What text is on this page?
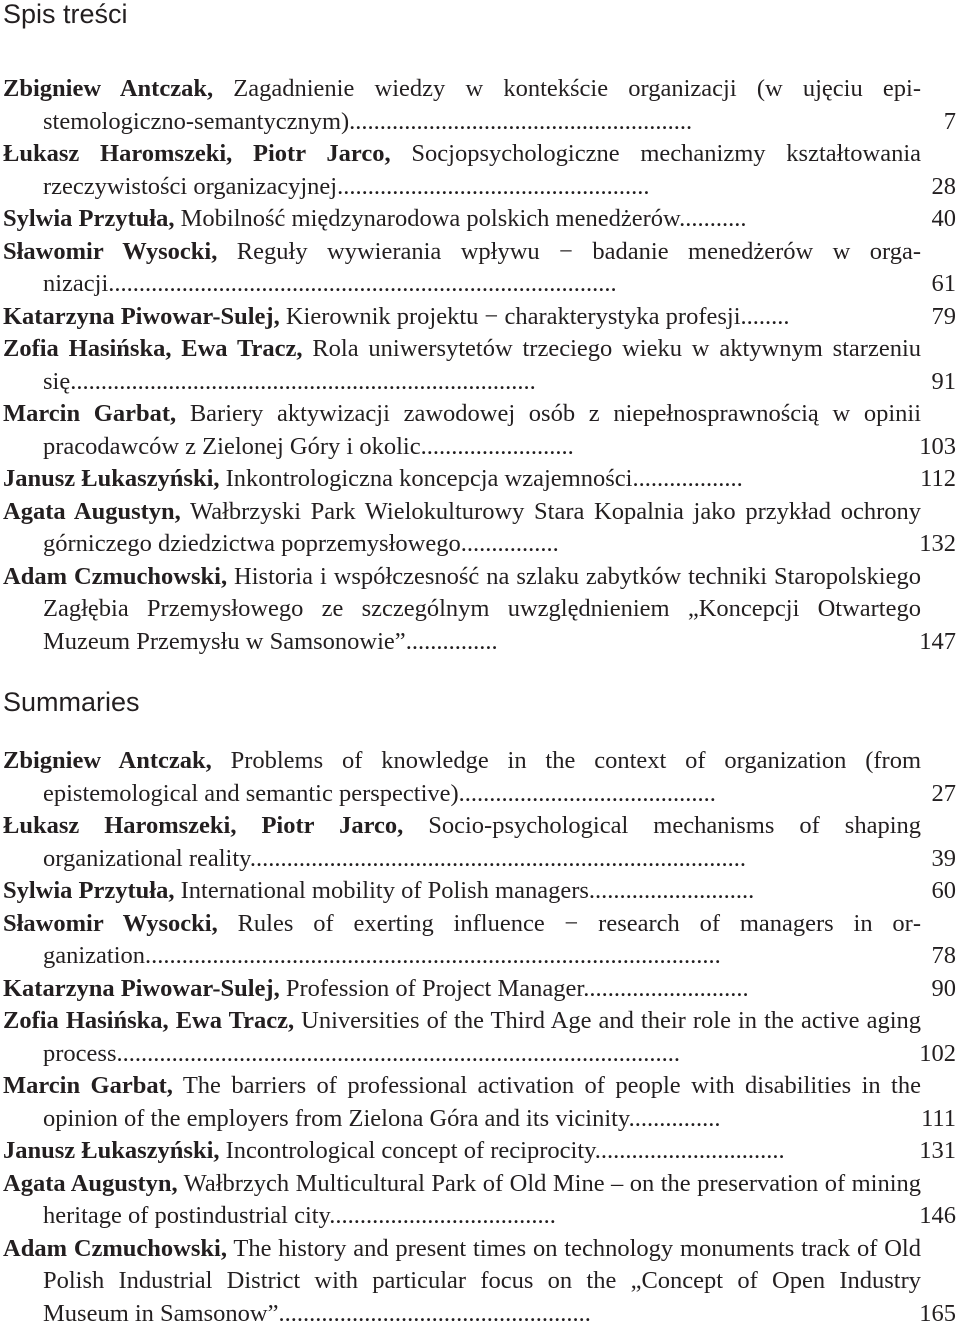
Spis treści
Zbigniew Antczak, Zagadnienie wiedzy w kontekście organizacji (w ujęciu epistemologiczno-semantycznym)........................................................	7
Łukasz Haromszeki, Piotr Jarco, Socjopsychologiczne mechanizmy kształtowania rzeczywistości organizacyjnej...................................................	28
Sylwia Przytuła, Mobilność międzynarodowa polskich menedżerów...........	40
Sławomir Wysocki, Reguły wywierania wpływu − badanie menedżerów w organizacji...................................................................................	61
Katarzyna Piwowar-Sulej, Kierownik projektu − charakterystyka profesji........	79
Zofia Hasińska, Ewa Tracz, Rola uniwersytetów trzeciego wieku w aktywnym starzeniu się............................................................................	91
Marcin Garbat, Bariery aktywizacji zawodowej osób z niepełnosprawnością w opinii pracodawców z Zielonej Góry i okolic.........................	103
Janusz Łukaszyński, Inkontrologiczna koncepcja wzajemności..................	112
Agata Augustyn, Wałbrzyski Park Wielokulturowy Stara Kopalnia jako przykład ochrony górniczego dziedzictwa poprzemysłowego................	132
Adam Czmuchowski, Historia i współczesność na szlaku zabytków techniki Staropolskiego Zagłębia Przemysłowego ze szczególnym uwzględnieniem „Koncepcji Otwartego Muzeum Przemysłu w Samsonowie”...............	147
Summaries
Zbigniew Antczak, Problems of knowledge in the context of organization (from epistemological and semantic perspective)..........................................	27
Łukasz Haromszeki, Piotr Jarco, Socio-psychological mechanisms of shaping organizational reality.................................................................................	39
Sylwia Przytuła, International mobility of Polish managers...........................	60
Sławomir Wysocki, Rules of exerting influence − research of managers in organization..............................................................................................	78
Katarzyna Piwowar-Sulej, Profession of Project Manager...........................	90
Zofia Hasińska, Ewa Tracz, Universities of the Third Age and their role in the active aging process............................................................................................	102
Marcin Garbat, The barriers of professional activation of people with disabilities in the opinion of the employers from Zielona Góra and its vicinity...............	111
Janusz Łukaszyński, Incontrological concept of reciprocity...............................	131
Agata Augustyn, Wałbrzych Multicultural Park of Old Mine – on the preservation of mining heritage of postindustrial city.....................................	146
Adam Czmuchowski, The history and present times on technology monuments track of Old Polish Industrial District with particular focus on the „Concept of Open Industry Museum in Samsonow”...................................................	165
